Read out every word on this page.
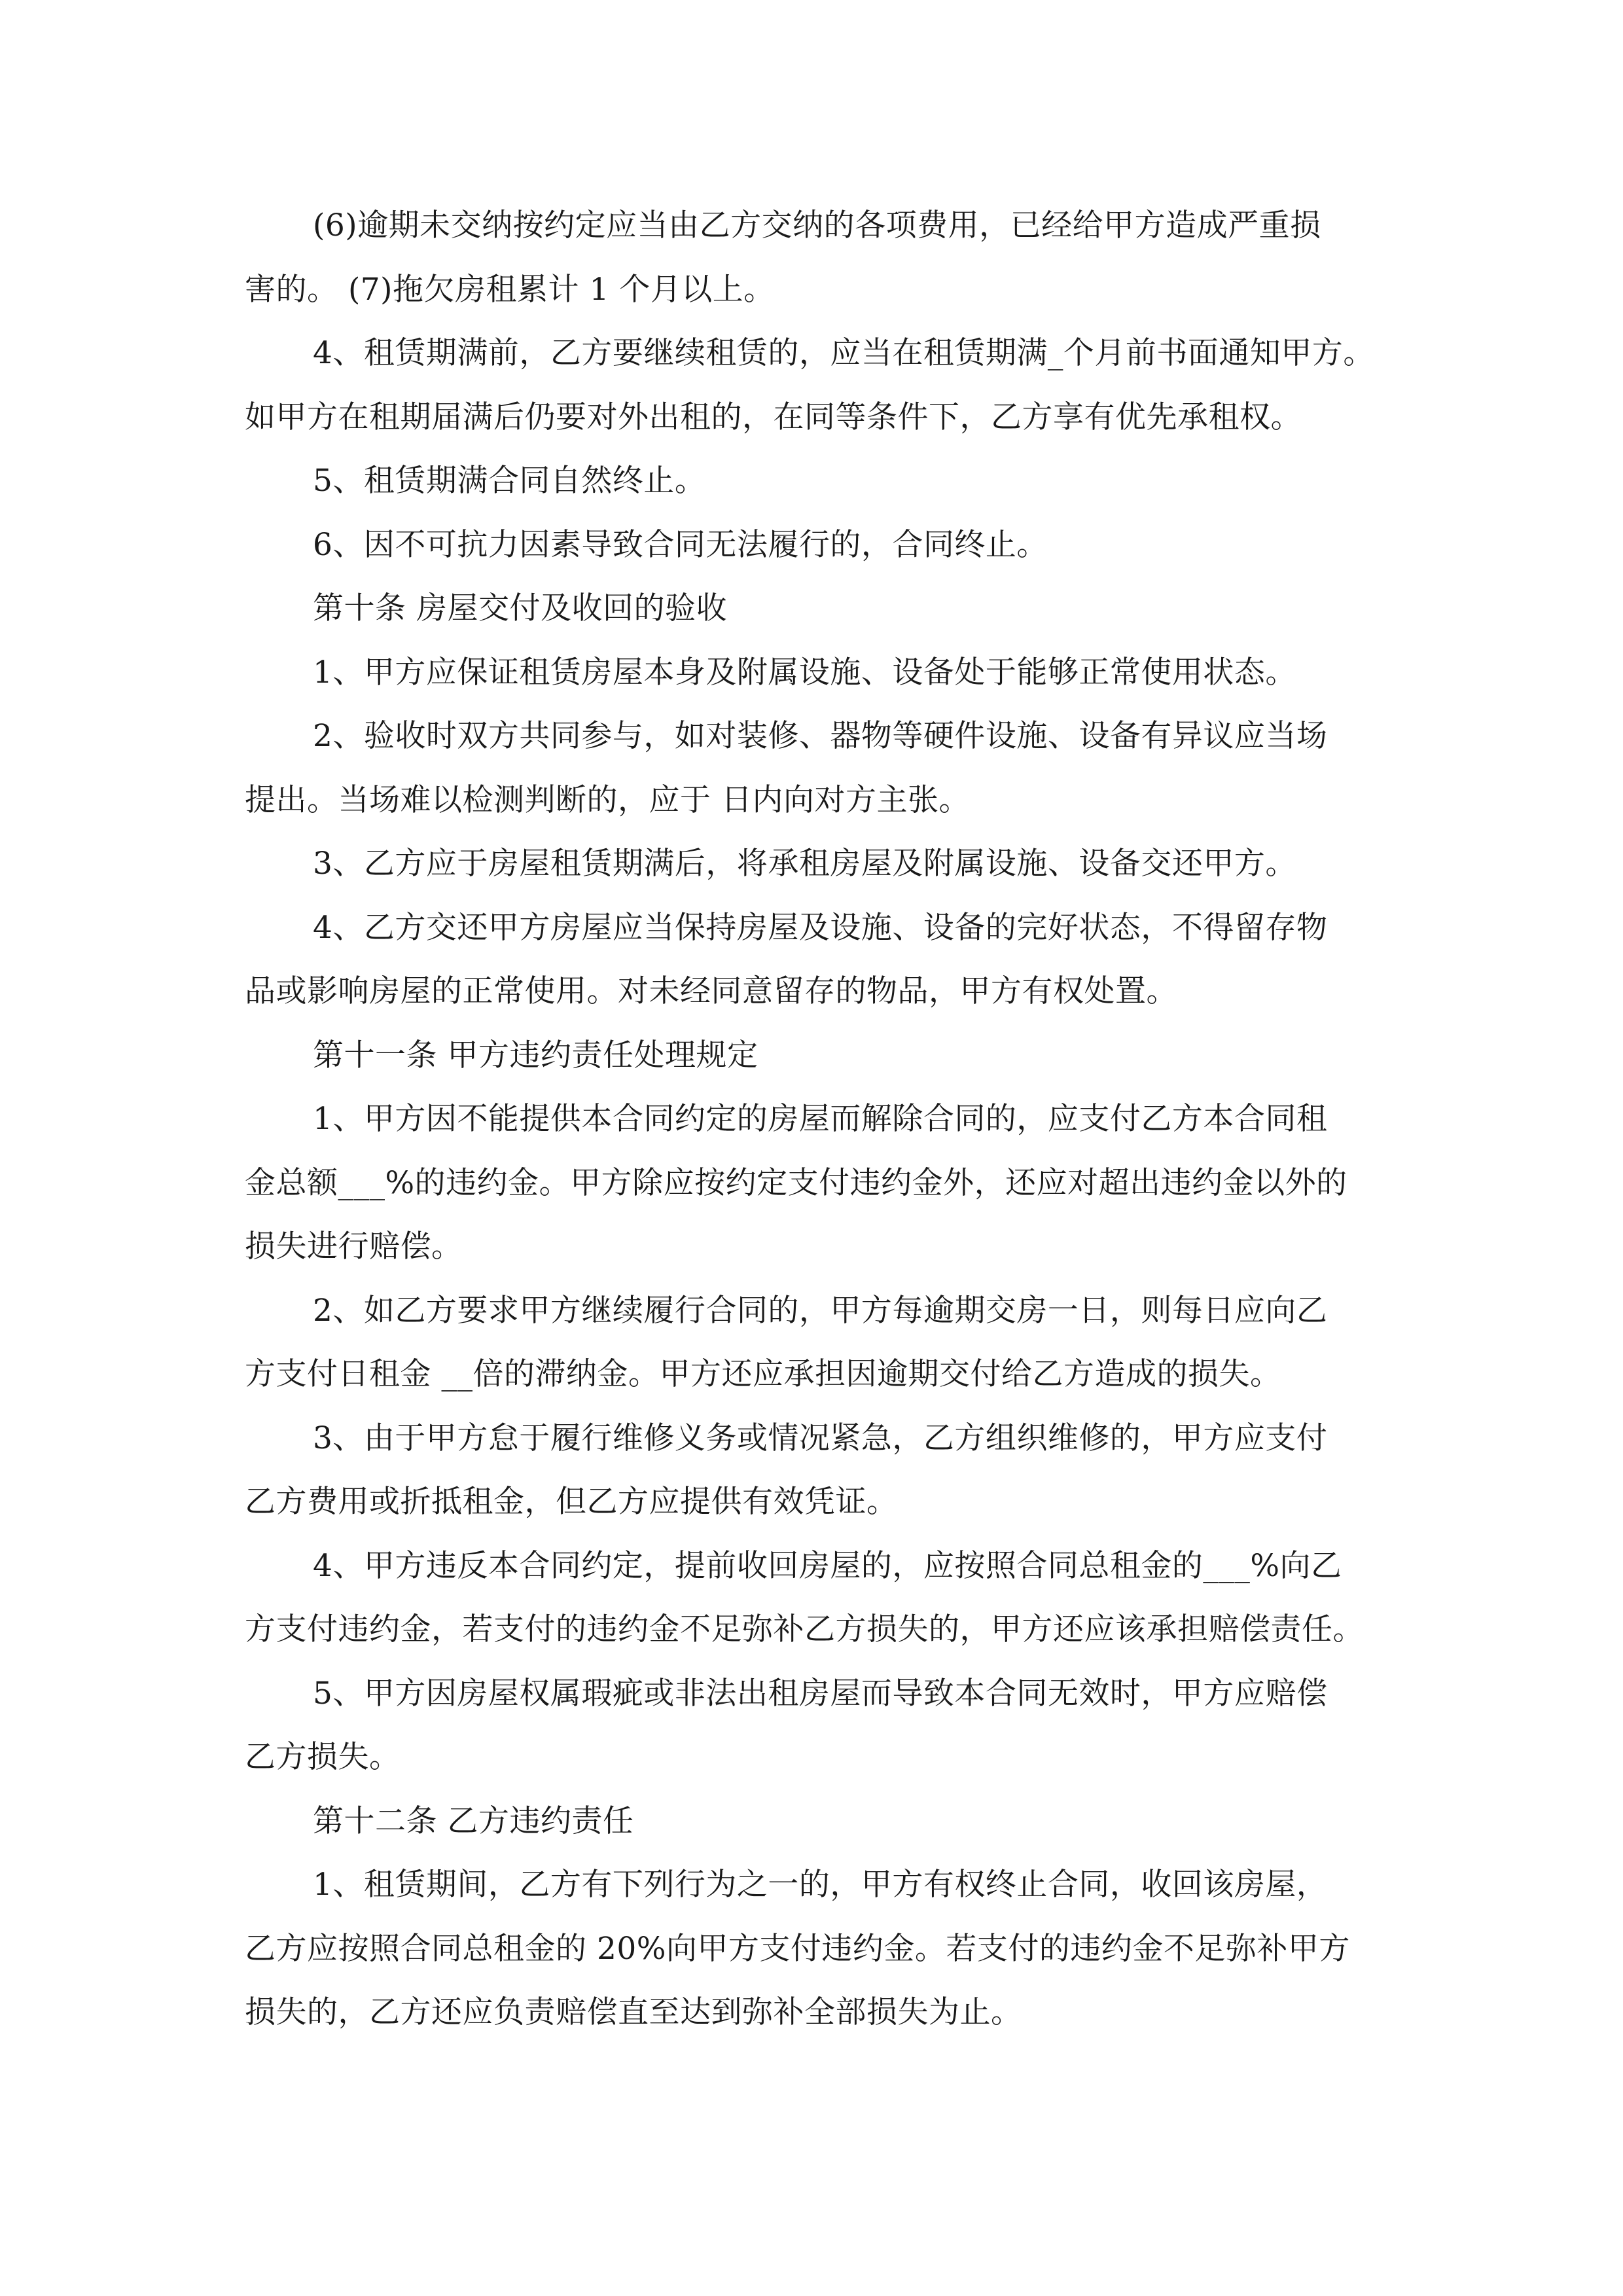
(6)逾期未交纳按约定应当由乙方交纳的各项费用，已经给甲方造成严重损
害的。 (7)拖欠房租累计 1 个月以上。
4、租赁期满前，乙方要继续租赁的，应当在租赁期满_个月前书面通知甲方。
如甲方在租期届满后仍要对外出租的，在同等条件下，乙方享有优先承租权。
5、租赁期满合同自然终止。
6、因不可抗力因素导致合同无法履行的，合同终止。
第十条 房屋交付及收回的验收
1、甲方应保证租赁房屋本身及附属设施、设备处于能够正常使用状态。
2、验收时双方共同参与，如对装修、器物等硬件设施、设备有异议应当场
提出。当场难以检测判断的，应于 日内向对方主张。
3、乙方应于房屋租赁期满后，将承租房屋及附属设施、设备交还甲方。
4、乙方交还甲方房屋应当保持房屋及设施、设备的完好状态，不得留存物
品或影响房屋的正常使用。对未经同意留存的物品，甲方有权处置。
第十一条 甲方违约责任处理规定
1、甲方因不能提供本合同约定的房屋而解除合同的，应支付乙方本合同租
金总额___%的违约金。甲方除应按约定支付违约金外，还应对超出违约金以外的
损失进行赔偿。
2、如乙方要求甲方继续履行合同的，甲方每逾期交房一日，则每日应向乙
方支付日租金 __倍的滞纳金。甲方还应承担因逾期交付给乙方造成的损失。
3、由于甲方怠于履行维修义务或情况紧急，乙方组织维修的，甲方应支付
乙方费用或折抵租金，但乙方应提供有效凭证。
4、甲方违反本合同约定，提前收回房屋的，应按照合同总租金的___%向乙
方支付违约金，若支付的违约金不足弥补乙方损失的，甲方还应该承担赔偿责任。
5、甲方因房屋权属瑕疵或非法出租房屋而导致本合同无效时，甲方应赔偿
乙方损失。
第十二条 乙方违约责任
1、租赁期间，乙方有下列行为之一的，甲方有权终止合同，收回该房屋，
乙方应按照合同总租金的 20%向甲方支付违约金。若支付的违约金不足弥补甲方
损失的，乙方还应负责赔偿直至达到弥补全部损失为止。
